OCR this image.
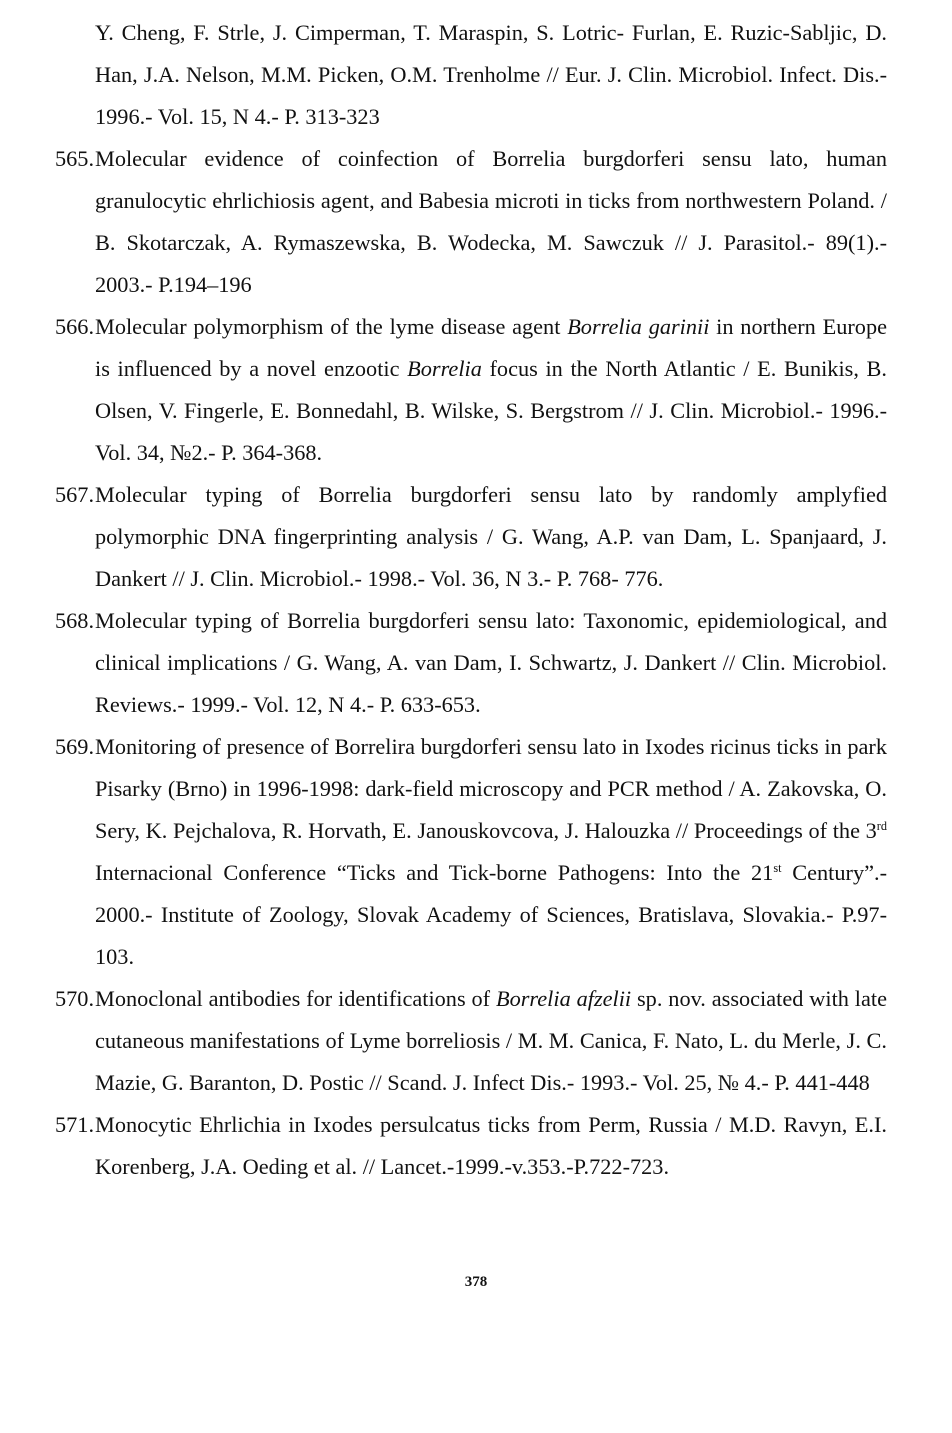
Y. Cheng, F. Strle, J. Cimperman, T. Maraspin, S. Lotric- Furlan, E. Ruzic-Sabljic, D. Han, J.A. Nelson, M.M. Picken, O.M. Trenholme // Eur. J. Clin. Microbiol. Infect. Dis.- 1996.- Vol. 15, N 4.- P. 313-323
565. Molecular evidence of coinfection of Borrelia burgdorferi sensu lato, human granulocytic ehrlichiosis agent, and Babesia microti in ticks from northwestern Poland. / B. Skotarczak, A. Rymaszewska, B. Wodecka, M. Sawczuk // J. Parasitol.- 89(1).- 2003.- P.194–196
566. Molecular polymorphism of the lyme disease agent Borrelia garinii in northern Europe is influenced by a novel enzootic Borrelia focus in the North Atlantic / E. Bunikis, B. Olsen, V. Fingerle, E. Bonnedahl, B. Wilske, S. Bergstrom // J. Clin. Microbiol.- 1996.- Vol. 34, №2.- P. 364-368.
567. Molecular typing of Borrelia burgdorferi sensu lato by randomly amplyfied polymorphic DNA fingerprinting analysis / G. Wang, A.P. van Dam, L. Spanjaard, J. Dankert // J. Clin. Microbiol.- 1998.- Vol. 36, N 3.- P. 768- 776.
568. Molecular typing of Borrelia burgdorferi sensu lato: Taxonomic, epidemiological, and clinical implications / G. Wang, A. van Dam, I. Schwartz, J. Dankert // Clin. Microbiol. Reviews.- 1999.- Vol. 12, N 4.- P. 633-653.
569. Monitoring of presence of Borrelira burgdorferi sensu lato in Ixodes ricinus ticks in park Pisarky (Brno) in 1996-1998: dark-field microscopy and PCR method / A. Zakovska, O. Sery, K. Pejchalova, R. Horvath, E. Janouskovcova, J. Halouzka // Proceedings of the 3rd Internacional Conference “Ticks and Tick-borne Pathogens: Into the 21st Century”.- 2000.- Institute of Zoology, Slovak Academy of Sciences, Bratislava, Slovakia.- P.97-103.
570. Monoclonal antibodies for identifications of Borrelia afzelii sp. nov. associated with late cutaneous manifestations of Lyme borreliosis / M. M. Canica, F. Nato, L. du Merle, J. C. Mazie, G. Baranton, D. Postic // Scand. J. Infect Dis.- 1993.- Vol. 25, № 4.- P. 441-448
571. Monocytic Ehrlichia in Ixodes persulcatus ticks from Perm, Russia / M.D. Ravyn, E.I. Korenberg, J.A. Oeding et al. // Lancet.-1999.-v.353.-P.722-723.
378
